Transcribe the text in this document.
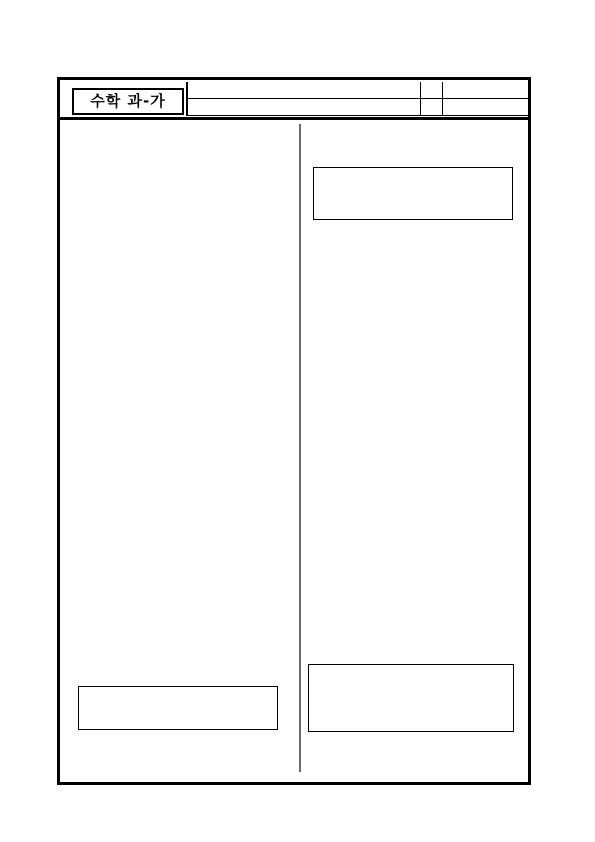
수학 과-가
